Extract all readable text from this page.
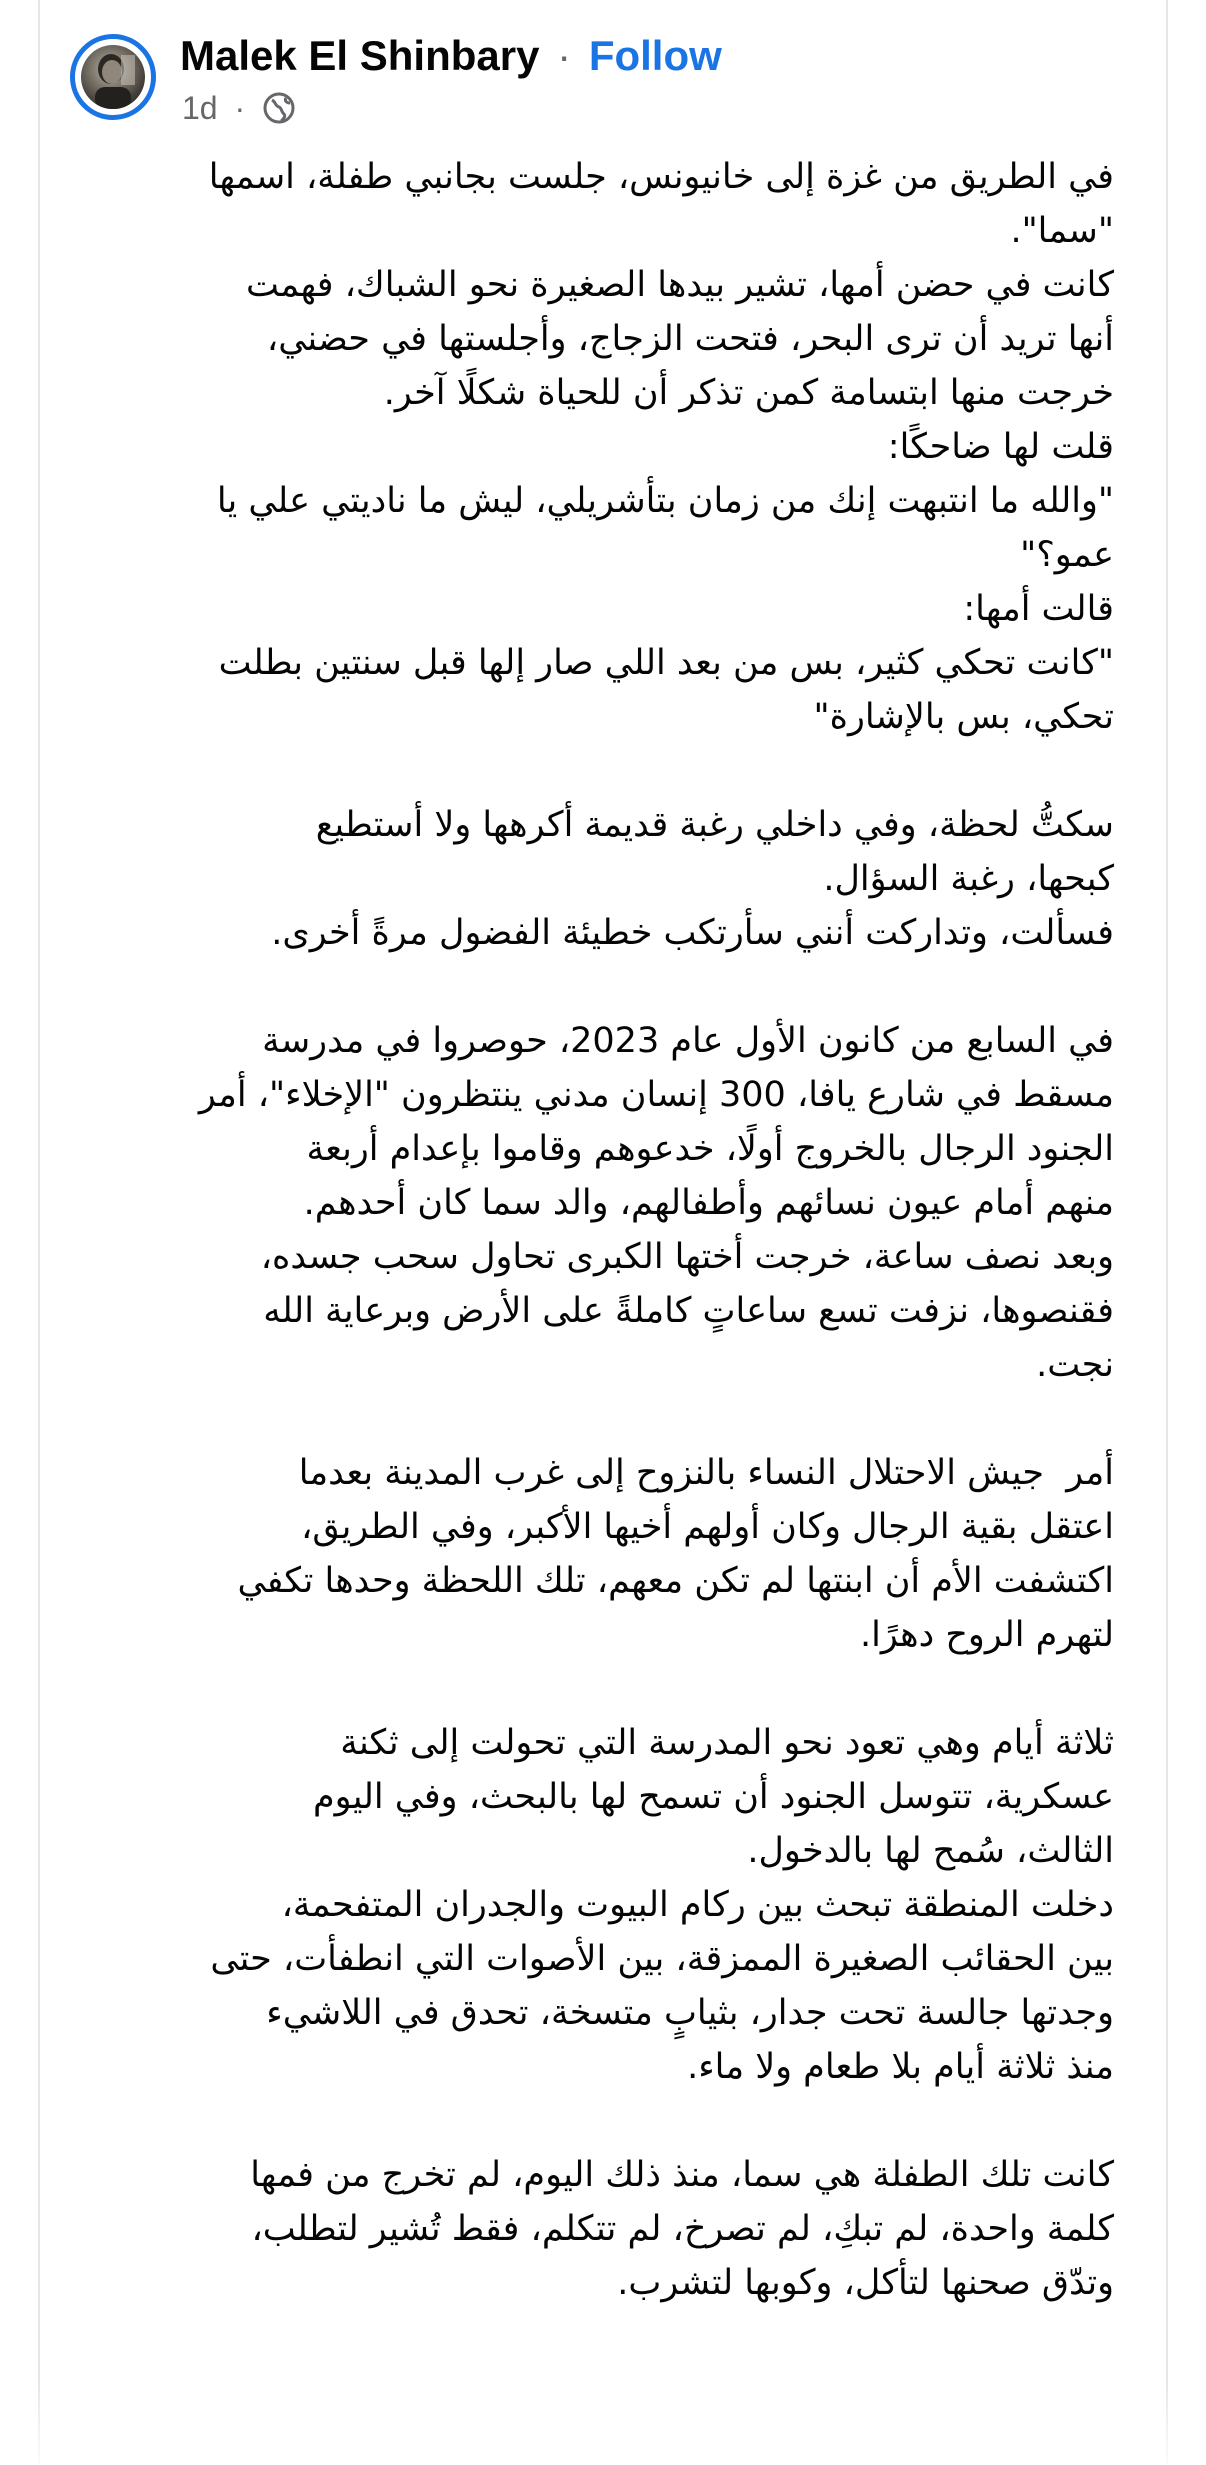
Malek El Shinbary · Follow
1d ·
في الطريق من غزة إلى خانيونس، جلست بجانبي طفلة، اسمها
"سما".
كانت في حضن أمها، تشير بيدها الصغيرة نحو الشباك، فهمت
أنها تريد أن ترى البحر، فتحت الزجاج، وأجلستها في حضني،
خرجت منها ابتسامة كمن تذكر أن للحياة شكلًا آخر.
قلت لها ضاحكًا:
"والله ما انتبهت إنك من زمان بتأشريلي، ليش ما ناديتي علي يا
عمو؟"
قالت أمها:
"كانت تحكي كثير، بس من بعد اللي صار إلها قبل سنتين بطلت
تحكي، بس بالإشارة"
سكتُّ لحظة، وفي داخلي رغبة قديمة أكرهها ولا أستطيع
كبحها، رغبة السؤال.
فسألت، وتداركت أنني سأرتكب خطيئة الفضول مرةً أخرى.
في السابع من كانون الأول عام 2023، حوصروا في مدرسة
مسقط في شارع يافا، 300 إنسان مدني ينتظرون "الإخلاء"، أمر
الجنود الرجال بالخروج أولًا، خدعوهم وقاموا بإعدام أربعة
منهم أمام عيون نسائهم وأطفالهم، والد سما كان أحدهم.
وبعد نصف ساعة، خرجت أختها الكبرى تحاول سحب جسده،
فقنصوها، نزفت تسع ساعاتٍ كاملةً على الأرض وبرعاية الله
نجت.
أمر  جيش الاحتلال النساء بالنزوح إلى غرب المدينة بعدما
اعتقل بقية الرجال وكان أولهم أخيها الأكبر، وفي الطريق،
اكتشفت الأم أن ابنتها لم تكن معهم، تلك اللحظة وحدها تكفي
لتهرم الروح دهرًا.
ثلاثة أيام وهي تعود نحو المدرسة التي تحولت إلى ثكنة
عسكرية، تتوسل الجنود أن تسمح لها بالبحث، وفي اليوم
الثالث، سُمح لها بالدخول.
دخلت المنطقة تبحث بين ركام البيوت والجدران المتفحمة،
بين الحقائب الصغيرة الممزقة، بين الأصوات التي انطفأت، حتى
وجدتها جالسة تحت جدار، بثيابٍ متسخة، تحدق في اللاشيء
منذ ثلاثة أيام بلا طعام ولا ماء.
كانت تلك الطفلة هي سما، منذ ذلك اليوم، لم تخرج من فمها
كلمة واحدة، لم تبكِ، لم تصرخ، لم تتكلم، فقط تُشير لتطلب،
وتدّق صحنها لتأكل، وكوبها لتشرب.
